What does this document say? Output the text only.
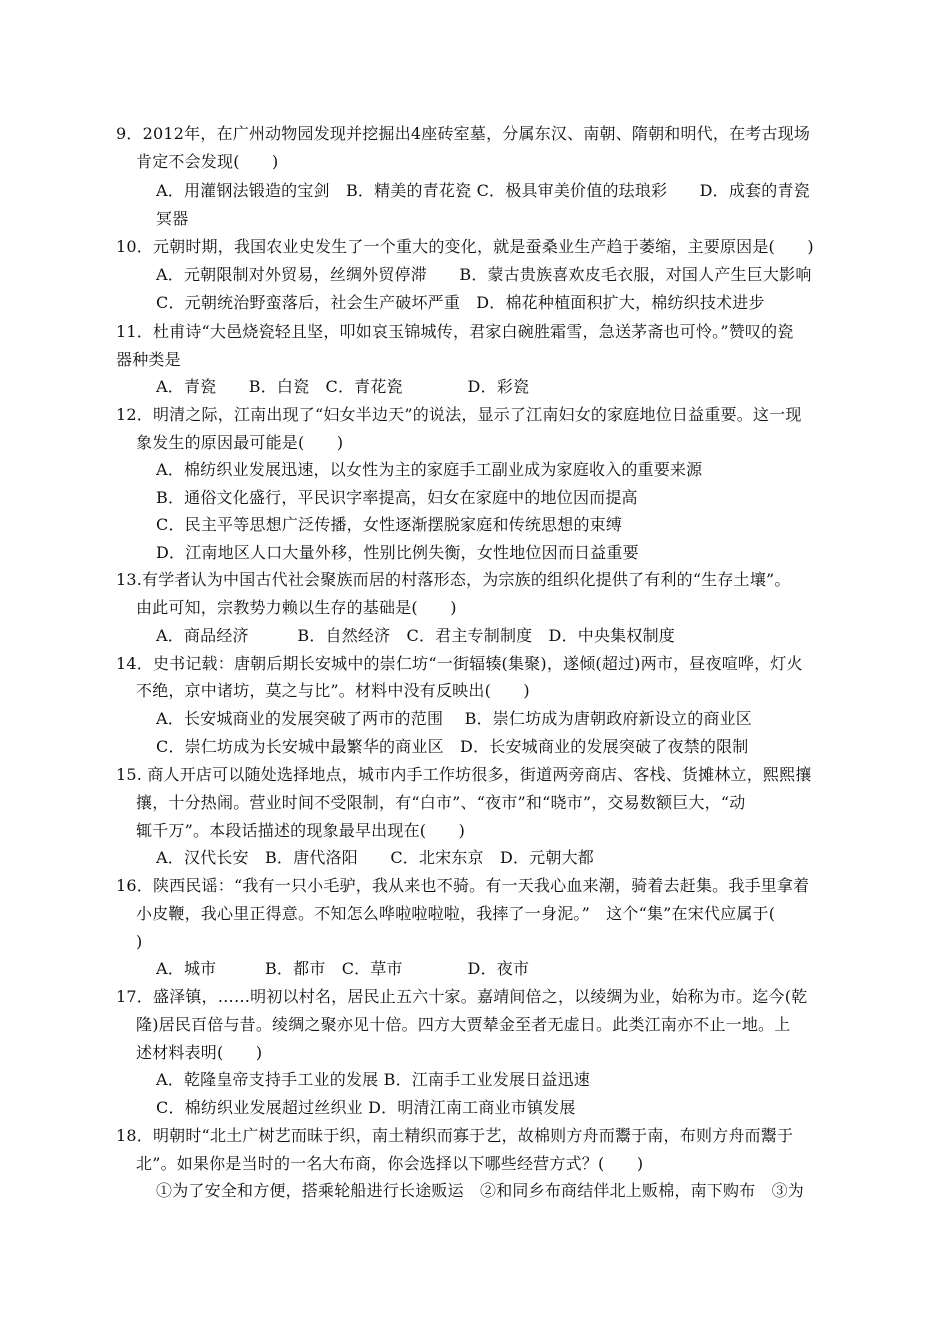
9．2012年，在广州动物园发现并挖掘出4座砖室墓，分属东汉、南朝、隋朝和明代，在考古现场
肯定不会发现(　　)
A．用灌钢法锻造的宝剑　B．精美的青花瓷 C．极具审美价值的珐琅彩　　D．成套的青瓷
冥器
10．元朝时期，我国农业史发生了一个重大的变化，就是蚕桑业生产趋于萎缩，主要原因是(　　)
A．元朝限制对外贸易，丝绸外贸停滞　　B．蒙古贵族喜欢皮毛衣服，对国人产生巨大影响
C．元朝统治野蛮落后，社会生产破坏严重　D．棉花种植面积扩大，棉纺织技术进步
11．杜甫诗“大邑烧瓷轻且坚，叩如哀玉锦城传，君家白碗胜霜雪，急送茅斋也可怜。”赞叹的瓷
器种类是
A．青瓷　　B．白瓷　C．青花瓷　　　　D．彩瓷
12．明清之际，江南出现了“妇女半边天”的说法，显示了江南妇女的家庭地位日益重要。这一现
象发生的原因最可能是(　　)
A．棉纺织业发展迅速，以女性为主的家庭手工副业成为家庭收入的重要来源
B．通俗文化盛行，平民识字率提高，妇女在家庭中的地位因而提高
C．民主平等思想广泛传播，女性逐渐摆脱家庭和传统思想的束缚
D．江南地区人口大量外移，性别比例失衡，女性地位因而日益重要
13.有学者认为中国古代社会聚族而居的村落形态，为宗族的组织化提供了有利的“生存土壤”。
由此可知，宗教势力赖以生存的基础是(　　)
A．商品经济　　　B．自然经济　C．君主专制制度　D．中央集权制度
14．史书记载：唐朝后期长安城中的崇仁坊“一街辐辏(集聚)，遂倾(超过)两市，昼夜喧哗，灯火
不绝，京中诸坊，莫之与比”。材料中没有反映出(　　)
A．长安城商业的发展突破了两市的范围　 B．崇仁坊成为唐朝政府新设立的商业区
C．崇仁坊成为长安城中最繁华的商业区　D．长安城商业的发展突破了夜禁的限制
15. 商人开店可以随处选择地点，城市内手工作坊很多，街道两旁商店、客栈、货摊林立，熙熙攘
攘，十分热闹。营业时间不受限制，有“白市”、“夜市”和“晓市”，交易数额巨大，“动
辄千万”。本段话描述的现象最早出现在(　　)
A．汉代长安　B．唐代洛阳　　C．北宋东京　D．元朝大都
16．陕西民谣：“我有一只小毛驴，我从来也不骑。有一天我心血来潮，骑着去赶集。我手里拿着
小皮鞭，我心里正得意。不知怎么哗啦啦啦啦，我摔了一身泥。”　这个“集”在宋代应属于(
)
A．城市　　　B．都市　C．草市　　　　D．夜市
17．盛泽镇，……明初以村名，居民止五六十家。嘉靖间倍之，以绫绸为业，始称为市。迄今(乾
隆)居民百倍与昔。绫绸之聚亦见十倍。四方大贾辇金至者无虚日。此类江南亦不止一地。上
述材料表明(　　)
A．乾隆皇帝支持手工业的发展 B．江南手工业发展日益迅速
C．棉纺织业发展超过丝织业 D．明清江南工商业市镇发展
18．明朝时“北土广树艺而昧于织，南土精织而寡于艺，故棉则方舟而鬻于南，布则方舟而鬻于
北”。如果你是当时的一名大布商，你会选择以下哪些经营方式？(　　)
①为了安全和方便，搭乘轮船进行长途贩运　②和同乡布商结伴北上贩棉，南下购布　③为
